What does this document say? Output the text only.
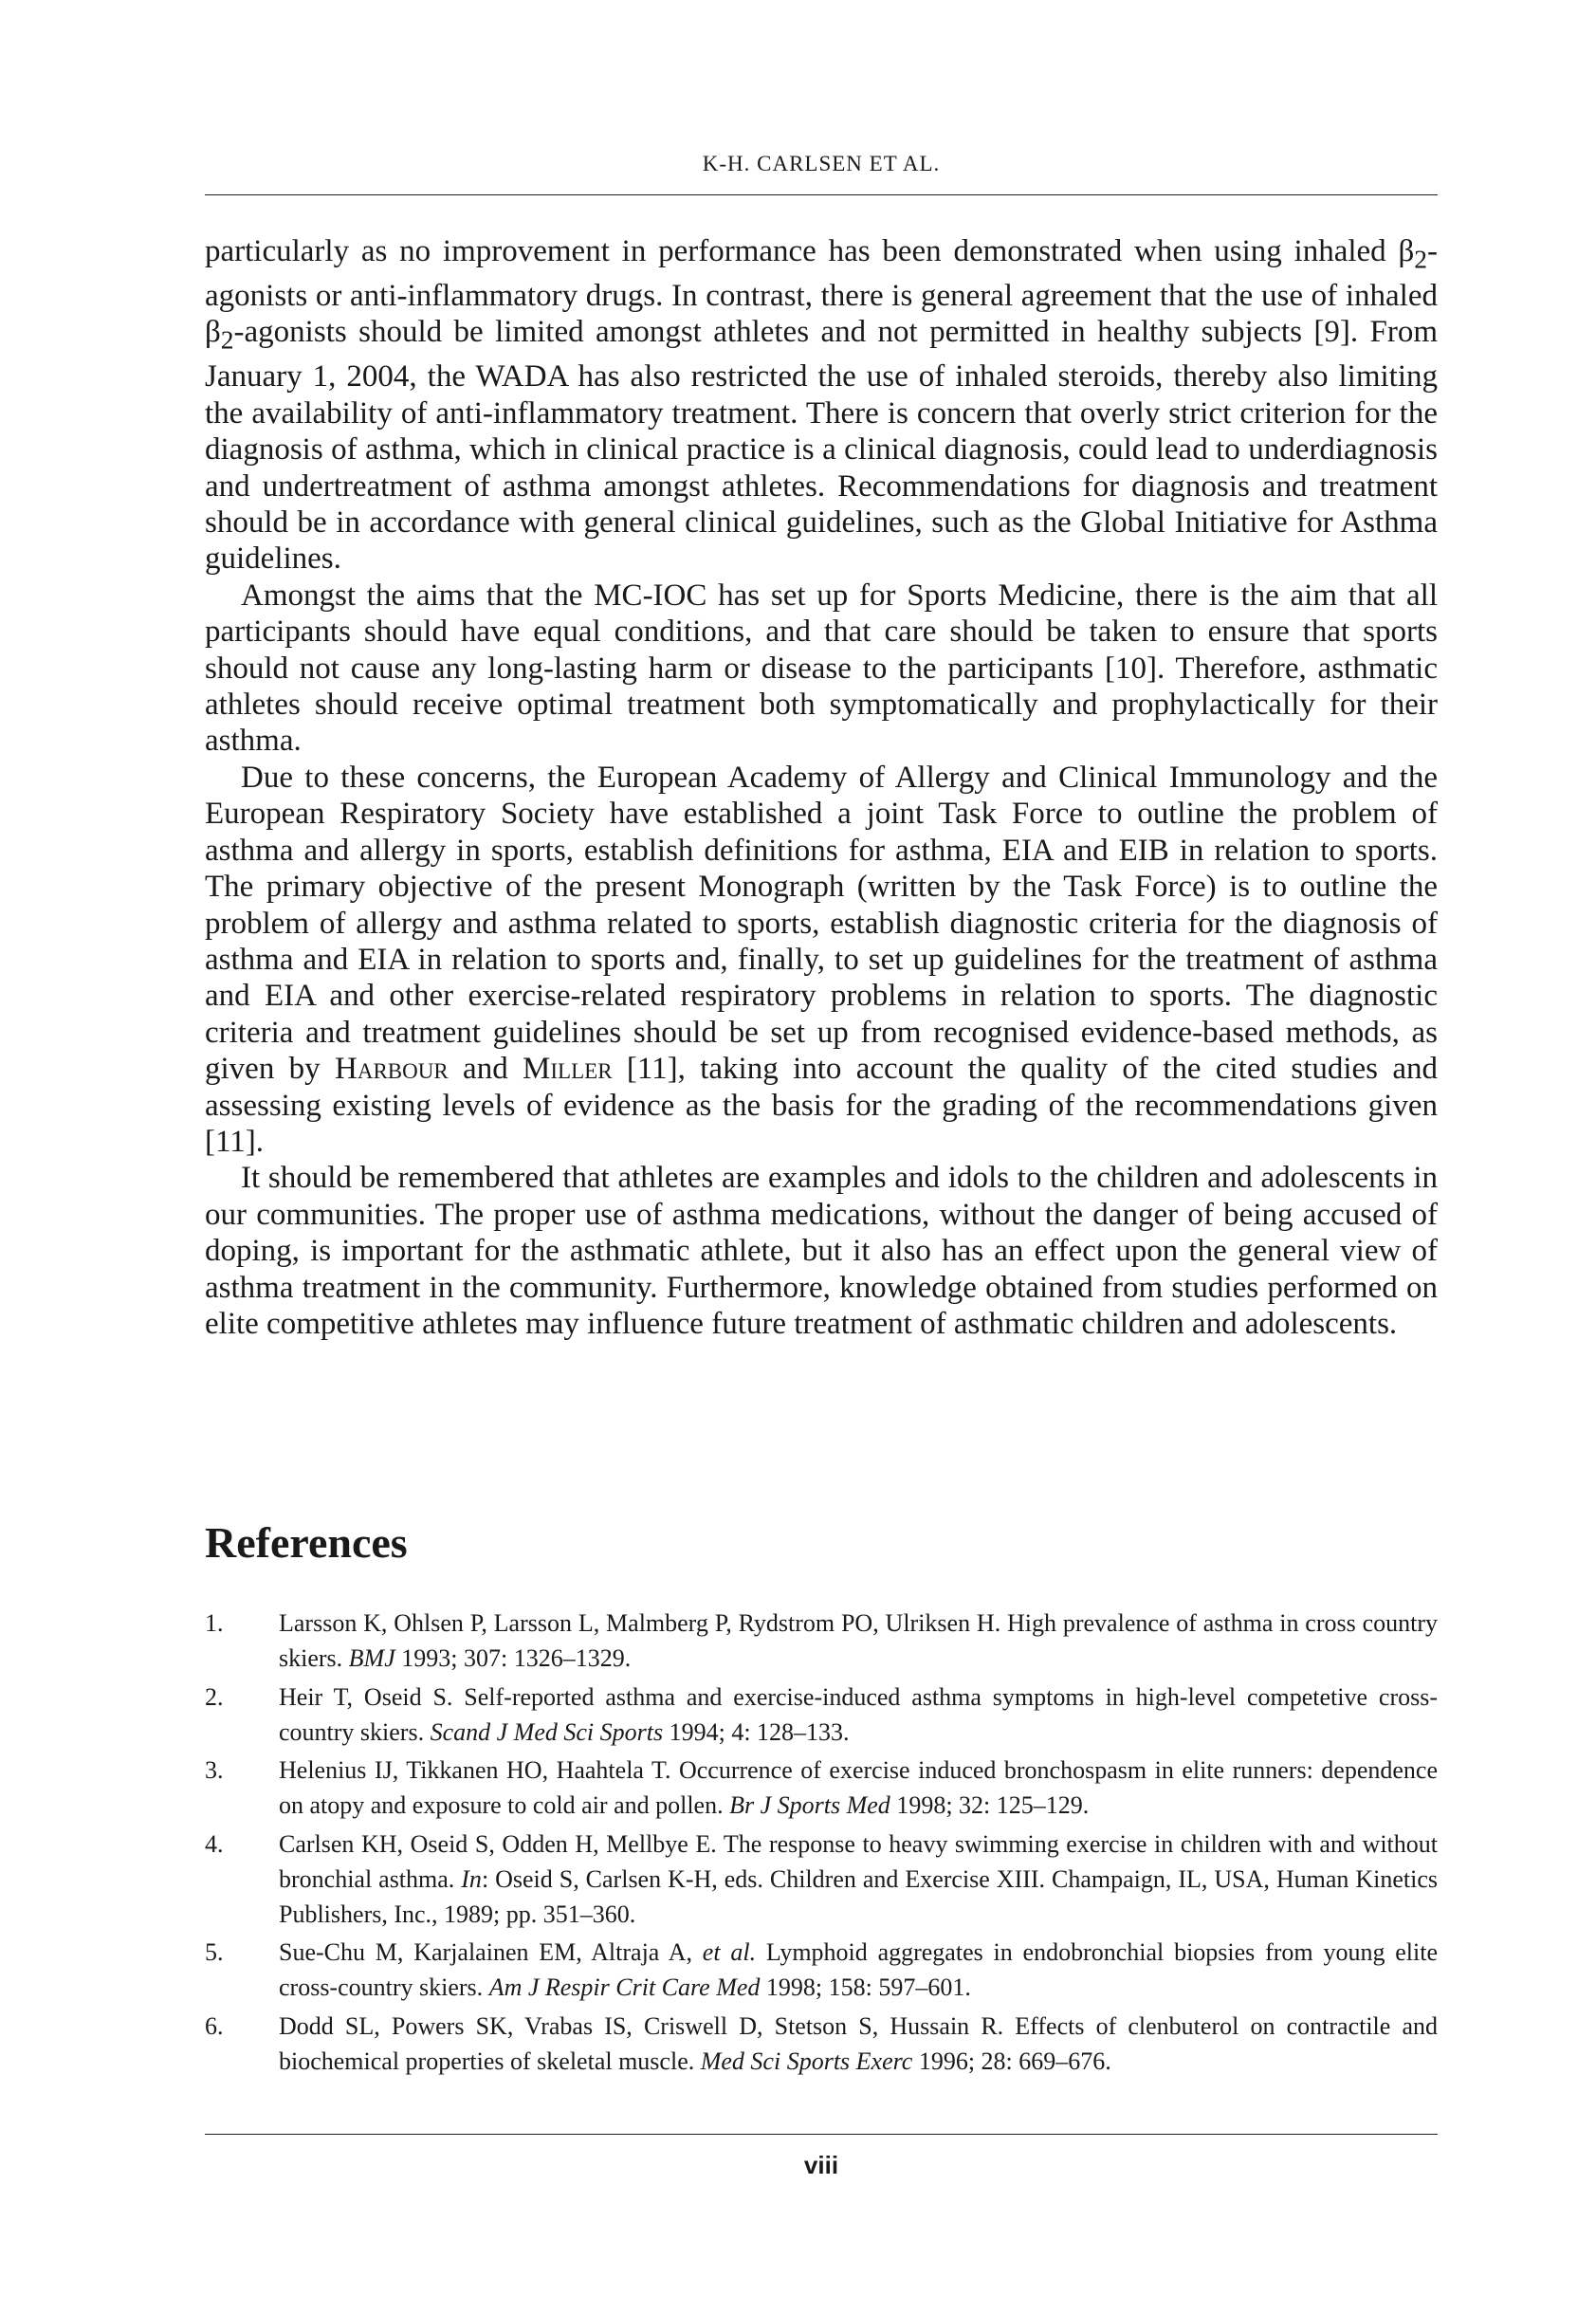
K-H. CARLSEN ET AL.

particularly as no improvement in performance has been demonstrated when using inhaled $\beta_2$-agonists or anti-inflammatory drugs. In contrast, there is general agreement that the use of inhaled $\beta_2$-agonists should be limited amongst athletes and not permitted in healthy subjects [9]. From January 1, 2004, the WADA has also restricted the use of inhaled steroids, thereby also limiting the availability of anti-inflammatory treatment. There is concern that overly strict criterion for the diagnosis of asthma, which in clinical practice is a clinical diagnosis, could lead to underdiagnosis and undertreatment of asthma amongst athletes. Recommendations for diagnosis and treatment should be in accordance with general clinical guidelines, such as the Global Initiative for Asthma guidelines.

Amongst the aims that the MC-IOC has set up for Sports Medicine, there is the aim that all participants should have equal conditions, and that care should be taken to ensure that sports should not cause any long-lasting harm or disease to the participants [10]. Therefore, asthmatic athletes should receive optimal treatment both symptomatically and prophylactically for their asthma.

Due to these concerns, the European Academy of Allergy and Clinical Immunology and the European Respiratory Society have established a joint Task Force to outline the problem of asthma and allergy in sports, establish definitions for asthma, EIA and EIB in relation to sports. The primary objective of the present Monograph (written by the Task Force) is to outline the problem of allergy and asthma related to sports, establish diagnostic criteria for the diagnosis of asthma and EIA in relation to sports and, finally, to set up guidelines for the treatment of asthma and EIA and other exercise-related respiratory problems in relation to sports. The diagnostic criteria and treatment guidelines should be set up from recognised evidence-based methods, as given by Harbour and Miller [11], taking into account the quality of the cited studies and assessing existing levels of evidence as the basis for the grading of the recommendations given [11].

It should be remembered that athletes are examples and idols to the children and adolescents in our communities. The proper use of asthma medications, without the danger of being accused of doping, is important for the asthmatic athlete, but it also has an effect upon the general view of asthma treatment in the community. Furthermore, knowledge obtained from studies performed on elite competitive athletes may influence future treatment of asthmatic children and adolescents.

References
1. Larsson K, Ohlsen P, Larsson L, Malmberg P, Rydstrom PO, Ulriksen H. High prevalence of asthma in cross country skiers. BMJ 1993; 307: 1326–1329.
2. Heir T, Oseid S. Self-reported asthma and exercise-induced asthma symptoms in high-level competetive cross-country skiers. Scand J Med Sci Sports 1994; 4: 128–133.
3. Helenius IJ, Tikkanen HO, Haahtela T. Occurrence of exercise induced bronchospasm in elite runners: dependence on atopy and exposure to cold air and pollen. Br J Sports Med 1998; 32: 125–129.
4. Carlsen KH, Oseid S, Odden H, Mellbye E. The response to heavy swimming exercise in children with and without bronchial asthma. In: Oseid S, Carlsen K-H, eds. Children and Exercise XIII. Champaign, IL, USA, Human Kinetics Publishers, Inc., 1989; pp. 351–360.
5. Sue-Chu M, Karjalainen EM, Altraja A, et al. Lymphoid aggregates in endobronchial biopsies from young elite cross-country skiers. Am J Respir Crit Care Med 1998; 158: 597–601.
6. Dodd SL, Powers SK, Vrabas IS, Criswell D, Stetson S, Hussain R. Effects of clenbuterol on contractile and biochemical properties of skeletal muscle. Med Sci Sports Exerc 1996; 28: 669–676.
viii
